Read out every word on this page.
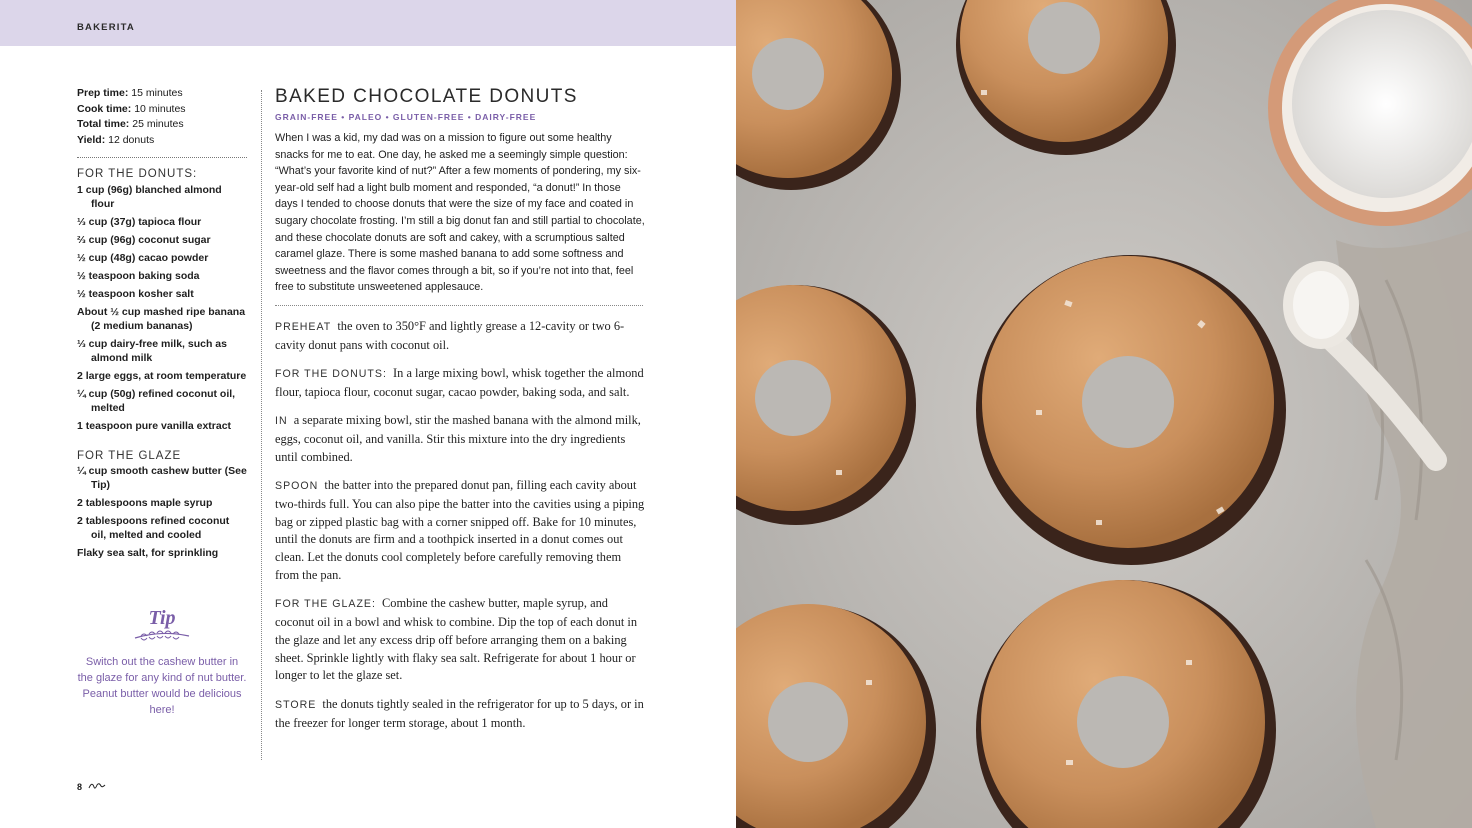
BAKERITA
Prep time: 15 minutes
Cook time: 10 minutes
Total time: 25 minutes
Yield: 12 donuts
FOR THE DONUTS:
1 cup (96g) blanched almond flour
⅓ cup (37g) tapioca flour
⅔ cup (96g) coconut sugar
½ cup (48g) cacao powder
½ teaspoon baking soda
½ teaspoon kosher salt
About ½ cup mashed ripe banana (2 medium bananas)
⅓ cup dairy-free milk, such as almond milk
2 large eggs, at room temperature
¼ cup (50g) refined coconut oil, melted
1 teaspoon pure vanilla extract
FOR THE GLAZE
¼ cup smooth cashew butter (See Tip)
2 tablespoons maple syrup
2 tablespoons refined coconut oil, melted and cooled
Flaky sea salt, for sprinkling
Tip
Switch out the cashew butter in the glaze for any kind of nut butter. Peanut butter would be delicious here!
BAKED CHOCOLATE DONUTS
GRAIN-FREE • PALEO • GLUTEN-FREE • DAIRY-FREE
When I was a kid, my dad was on a mission to figure out some healthy snacks for me to eat. One day, he asked me a seemingly simple question: “What’s your favorite kind of nut?” After a few moments of pondering, my six-year-old self had a light bulb moment and responded, “a donut!” In those days I tended to choose donuts that were the size of my face and coated in sugary chocolate frosting. I’m still a big donut fan and still partial to chocolate, and these chocolate donuts are soft and cakey, with a scrumptious salted caramel glaze. There is some mashed banana to add some softness and sweetness and the flavor comes through a bit, so if you’re not into that, feel free to substitute unsweetened applesauce.
PREHEAT the oven to 350°F and lightly grease a 12-cavity or two 6-cavity donut pans with coconut oil.
FOR THE DONUTS: In a large mixing bowl, whisk together the almond flour, tapioca flour, coconut sugar, cacao powder, baking soda, and salt.
IN a separate mixing bowl, stir the mashed banana with the almond milk, eggs, coconut oil, and vanilla. Stir this mixture into the dry ingredients until combined.
SPOON the batter into the prepared donut pan, filling each cavity about two-thirds full. You can also pipe the batter into the cavities using a piping bag or zipped plastic bag with a corner snipped off. Bake for 10 minutes, until the donuts are firm and a toothpick inserted in a donut comes out clean. Let the donuts cool completely before carefully removing them from the pan.
FOR THE GLAZE: Combine the cashew butter, maple syrup, and coconut oil in a bowl and whisk to combine. Dip the top of each donut in the glaze and let any excess drip off before arranging them on a baking sheet. Sprinkle lightly with flaky sea salt. Refrigerate for about 1 hour or longer to let the glaze set.
STORE the donuts tightly sealed in the refrigerator for up to 5 days, or in the freezer for longer term storage, about 1 month.
8
